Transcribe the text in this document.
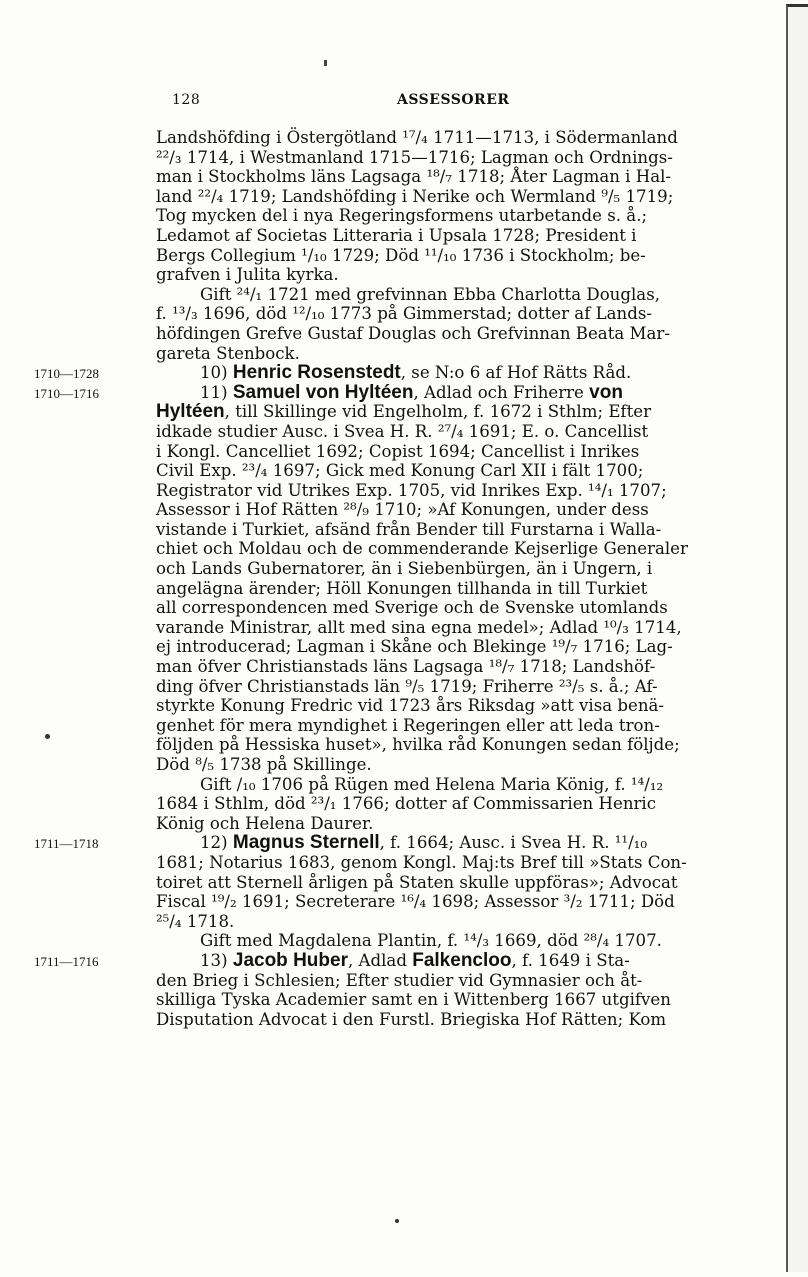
128	ASSESSORER
Landshöfding i Östergötland ¹⁷/₄ 1711—1713, i Södermanland
²²/₃ 1714, i Westmanland 1715—1716; Lagman och Ordnings-
man i Stockholms läns Lagsaga ¹⁸/₇ 1718; Åter Lagman i Hal-
land ²²/₄ 1719; Landshöfding i Nerike och Wermland ⁹/₅ 1719;
Tog mycken del i nya Regeringsformens utarbetande s. å.;
Ledamot af Societas Litteraria i Upsala 1728; President i
Bergs Collegium ¹/₁₀ 1729; Död ¹¹/₁₀ 1736 i Stockholm; be-
grafven i Julita kyrka.
Gift ²⁴/₁ 1721 med grefvinnan Ebba Charlotta Douglas,
f. ¹³/₃ 1696, död ¹²/₁₀ 1773 på Gimmerstad; dotter af Lands-
höfdingen Grefve Gustaf Douglas och Grefvinnan Beata Mar-
gareta Stenbock.
1710—1728	10) Henric Rosenstedt, se N:o 6 af Hof Rätts Råd.
1710—1716	11) Samuel von Hyltéen, Adlad och Friherre von
Hyltéen, till Skillinge vid Engelholm, f. 1672 i Sthlm; Efter
idkade studier Ausc. i Svea H. R. ²⁷/₄ 1691; E. o. Cancellist
i Kongl. Cancelliet 1692; Copist 1694; Cancellist i Inrikes
Civil Exp. ²³/₄ 1697; Gick med Konung Carl XII i fält 1700;
Registrator vid Utrikes Exp. 1705, vid Inrikes Exp. ¹⁴/₁ 1707;
Assessor i Hof Rätten ²⁸/₉ 1710; »Af Konungen, under dess
vistande i Turkiet, afsänd från Bender till Furstarna i Walla-
chiet och Moldau och de commenderande Kejserlige Generaler
och Lands Gubernatorer, än i Siebenbürgen, än i Ungern, i
angelägna ärender; Höll Konungen tillhanda in till Turkiet
all correspondencen med Sverige och de Svenske utomlands
varande Ministrar, allt med sina egna medel»; Adlad ¹⁰/₃ 1714,
ej introducerad; Lagman i Skåne och Blekinge ¹⁹/₇ 1716; Lag-
man öfver Christianstads läns Lagsaga ¹⁸/₇ 1718; Landshöf-
ding öfver Christianstads län ⁹/₅ 1719; Friherre ²³/₅ s. å.; Af-
styrkte Konung Fredric vid 1723 års Riksdag »att visa benä-
genhet för mera myndighet i Regeringen eller att leda tron-
följden på Hessiska huset», hvilka råd Konungen sedan följde;
Död ⁸/₅ 1738 på Skillinge.
Gift /₁₀ 1706 på Rügen med Helena Maria König, f. ¹⁴/₁₂
1684 i Sthlm, död ²³/₁ 1766; dotter af Commissarien Henric
König och Helena Daurer.
1711—1718	12) Magnus Sternell, f. 1664; Ausc. i Svea H. R. ¹¹/₁₀
1681; Notarius 1683, genom Kongl. Maj:ts Bref till »Stats Con-
toiret att Sternell årligen på Staten skulle uppföras»; Advocat
Fiscal ¹⁹/₂ 1691; Secreterare ¹⁶/₄ 1698; Assessor ³/₂ 1711; Död
²⁵/₄ 1718.
Gift med Magdalena Plantin, f. ¹⁴/₃ 1669, död ²⁸/₄ 1707.
1711—1716	13) Jacob Huber, Adlad Falkencloo, f. 1649 i Sta-
den Brieg i Schlesien; Efter studier vid Gymnasier och åt-
skilliga Tyska Academier samt en i Wittenberg 1667 utgifven
Disputation Advocat i den Furstl. Briegiska Hof Rätten; Kom
